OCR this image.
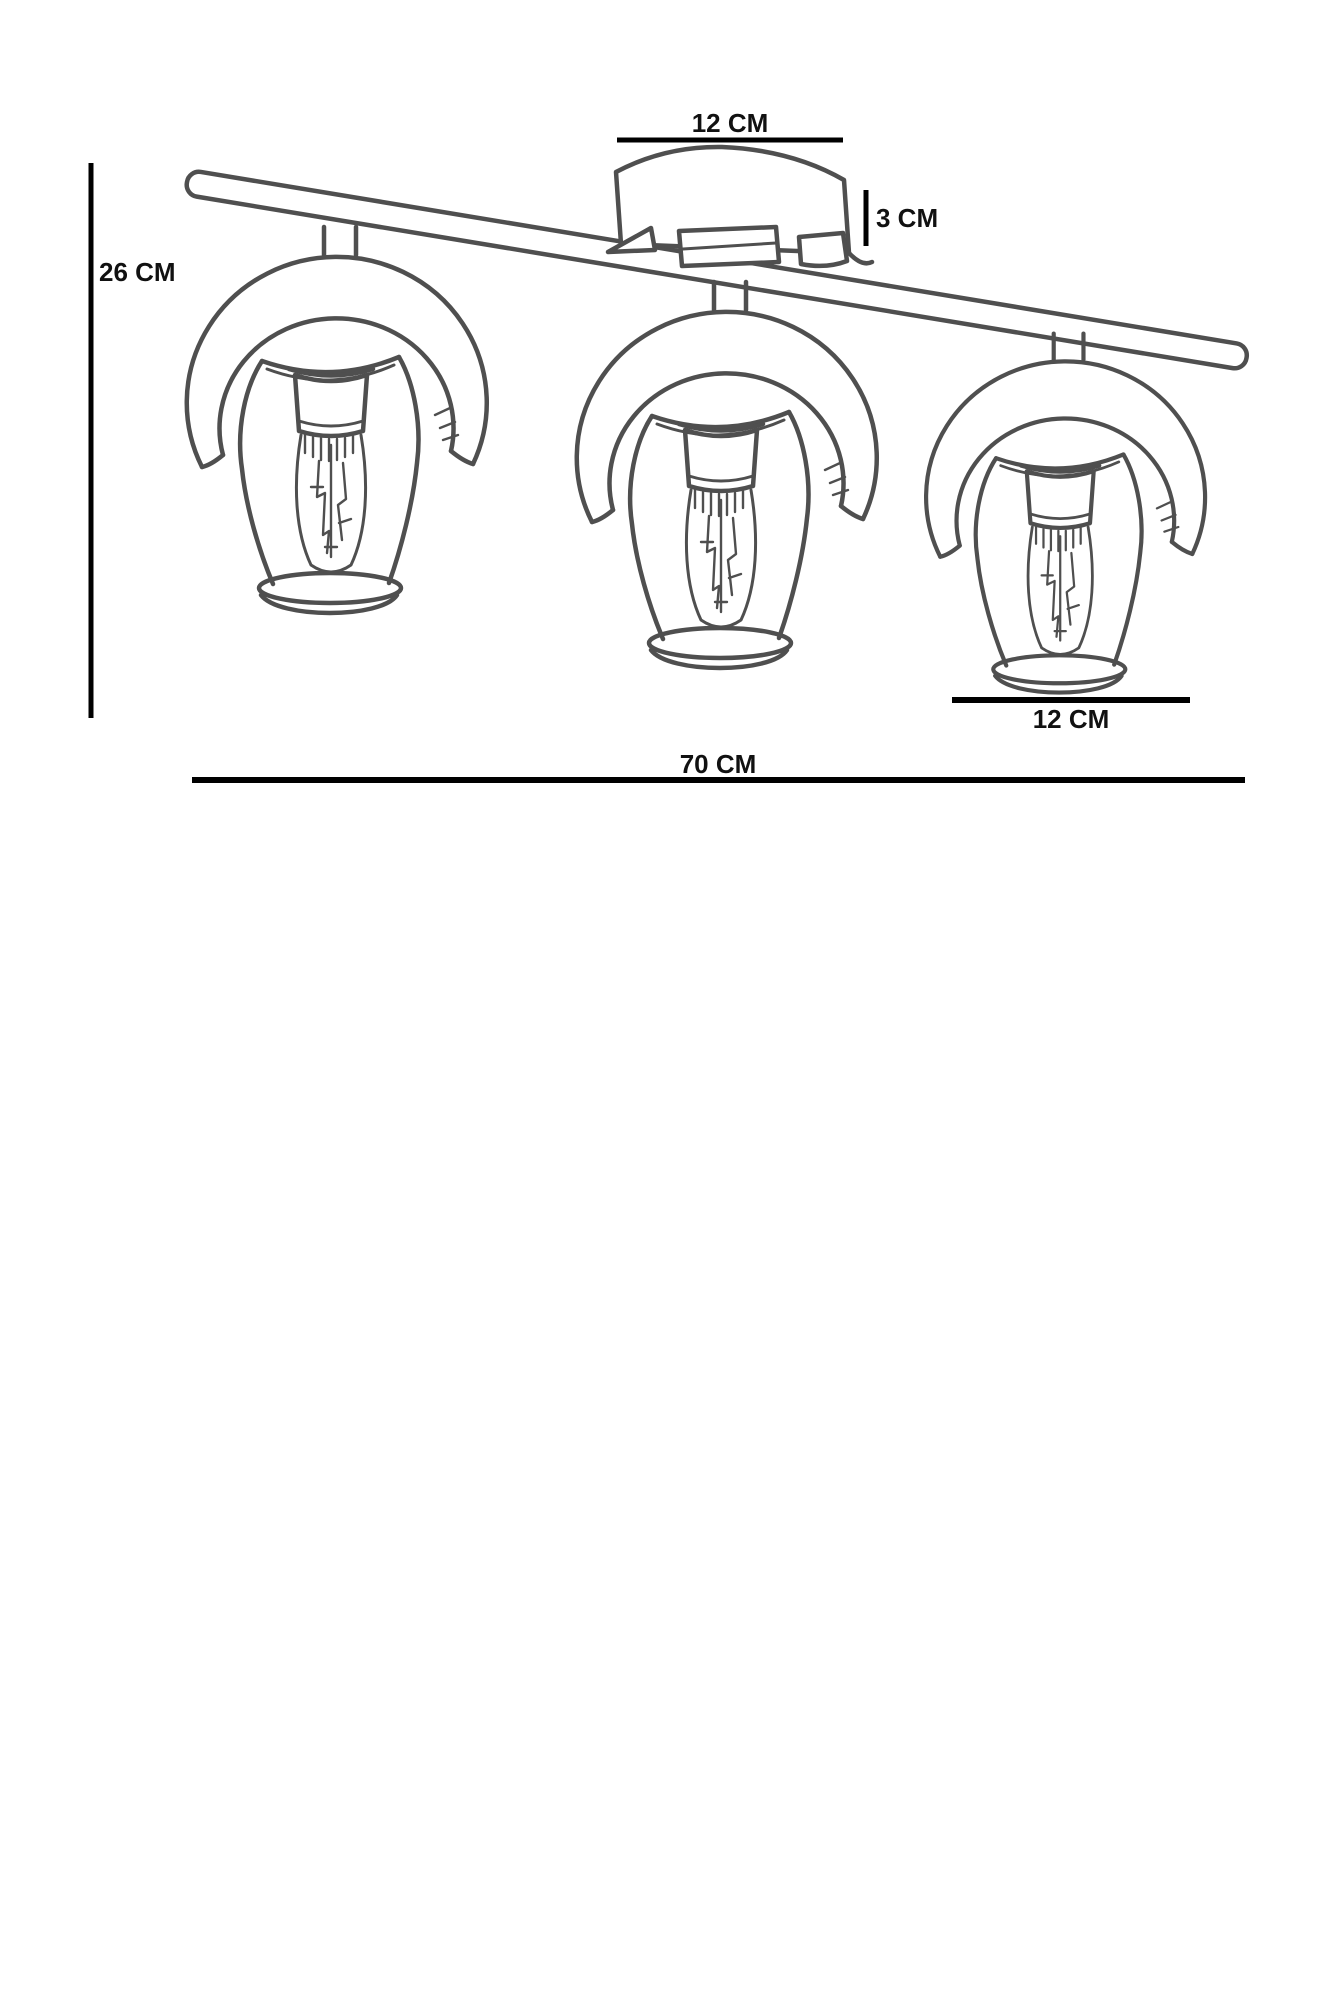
12 CM
3 CM
26 CM
12 CM
70 CM
